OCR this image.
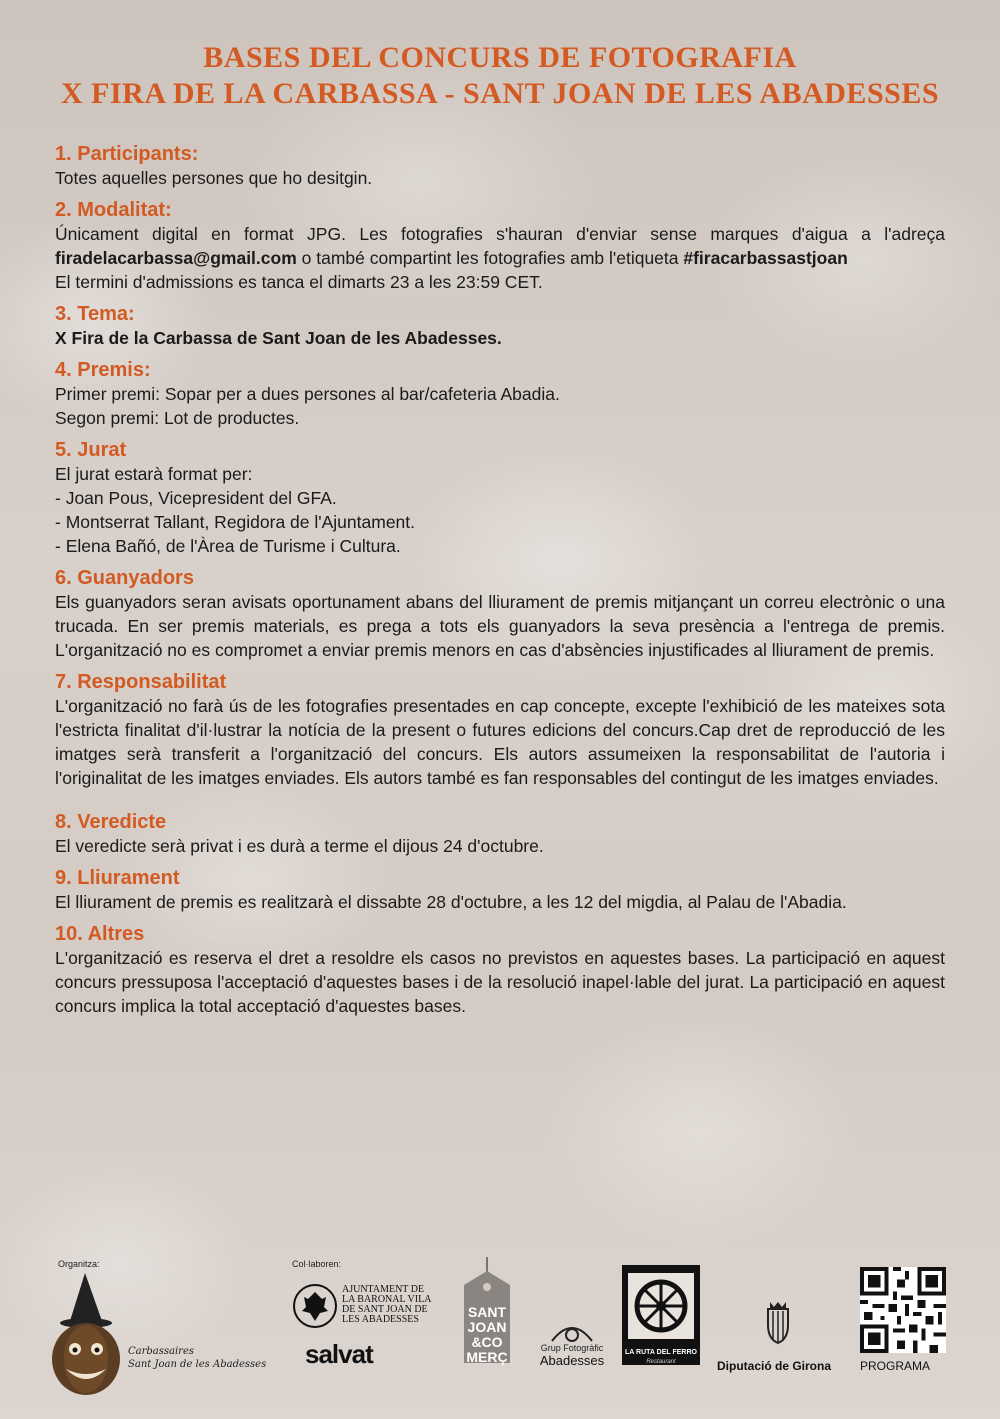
BASES DEL CONCURS DE FOTOGRAFIA
X FIRA DE LA CARBASSA - SANT JOAN DE LES ABADESSES
1. Participants:

Totes aquelles persones que ho desitgin.

2. Modalitat:

Únicament digital en format JPG. Les fotografies s'hauran d'enviar sense marques d'aigua a l'adreça firadelacarbassa@gmail.com o també compartint les fotografies amb l'etiqueta #firacarbassastjoan

El termini d'admissions es tanca el dimarts 23 a les 23:59 CET.

3. Tema:

X Fira de la Carbassa de Sant Joan de les Abadesses.

4. Premis:

Primer premi: Sopar per a dues persones al bar/cafeteria Abadia.

Segon premi: Lot de productes.

5. Jurat

El jurat estarà format per:

- Joan Pous, Vicepresident del GFA.

- Montserrat Tallant, Regidora de l'Ajuntament.

- Elena Bañó, de l'Àrea de Turisme i Cultura.

6. Guanyadors

Els guanyadors seran avisats oportunament abans del lliurament de premis mitjançant un correu electrònic o una trucada. En ser premis materials, es prega a tots els guanyadors la seva presència a l'entrega de premis. L'organització no es compromet a enviar premis menors en cas d'absències injustificades al lliurament de premis.

7. Responsabilitat

L'organització no farà ús de les fotografies presentades en cap concepte, excepte l'exhibició de les mateixes sota l'estricta finalitat d'il·lustrar la notícia de la present o futures edicions del concurs.Cap dret de reproducció de les imatges serà transferit a l'organització del concurs. Els autors assumeixen la responsabilitat de l'autoria i l'originalitat de les imatges enviades. Els autors també es fan responsables del contingut de les imatges enviades.

8. Veredicte

El veredicte serà privat i es durà a terme el dijous 24 d'octubre.

9. Lliurament

El lliurament de premis es realitzarà el dissabte 28 d'octubre, a les 12 del migdia, al Palau de l'Abadia.

10. Altres

L'organització es reserva el dret a resoldre els casos no previstos en aquestes bases. La participació en aquest concurs pressuposa l'acceptació d'aquestes bases i de la resolució inapel·lable del jurat. La participació en aquest concurs implica la total acceptació d'aquestes bases.

Organitza:	Col·laboren:
Carbassaires
Sant Joan de les Abadesses
AJUNTAMENT DE
LA BARONAL VILA
DE SANT JOAN DE
LES ABADESSES
salvat
SANT
JOAN
&CO
MERÇ
Grup Fotogràfic
Abadesses
LA RUTA DEL FERRO
Restaurant	Diputació de Girona PROGRAMA
